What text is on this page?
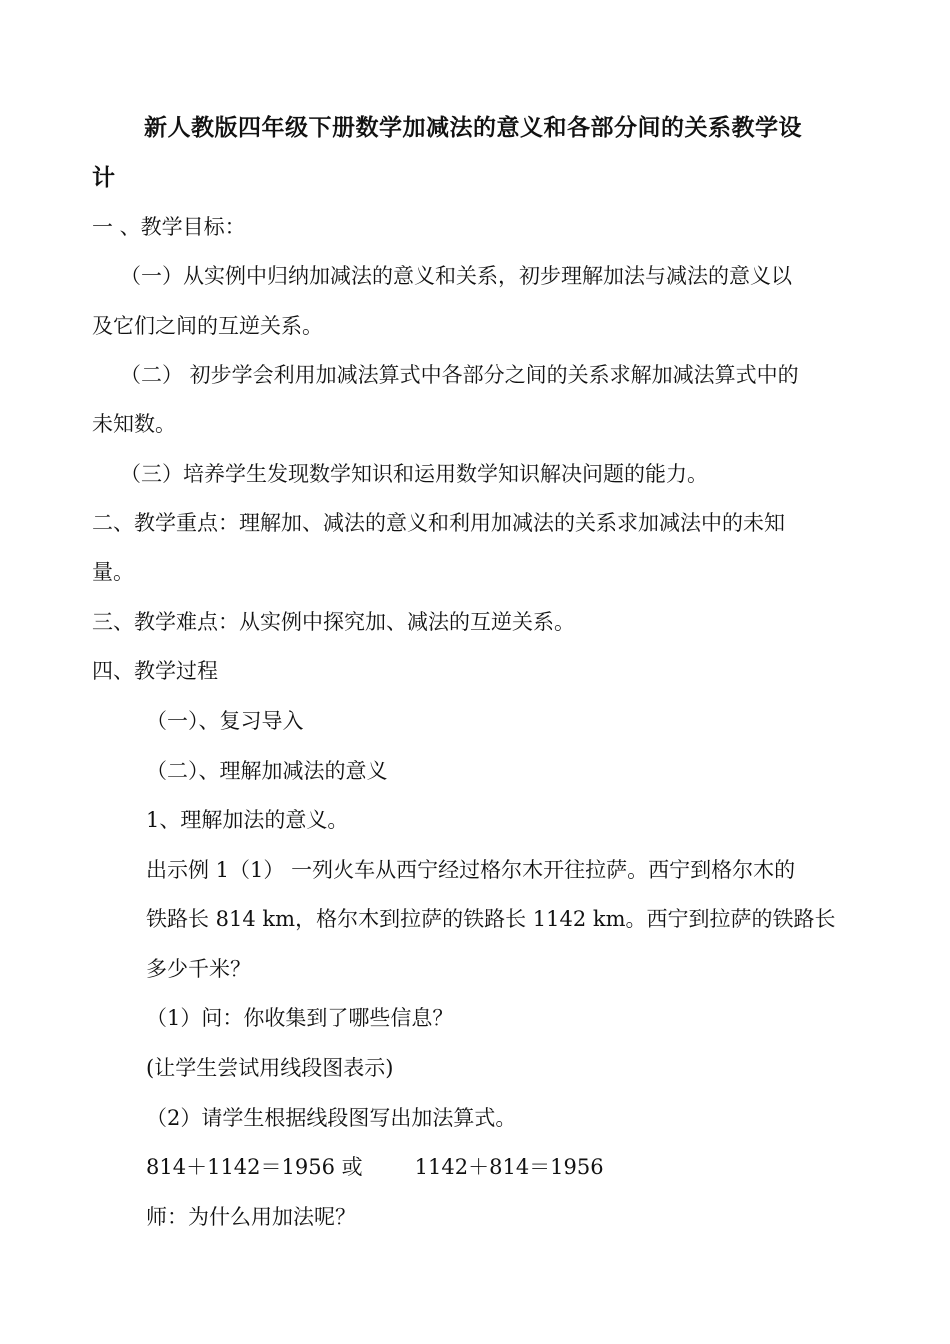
新人教版四年级下册数学加减法的意义和各部分间的关系教学设
计
一 、教学目标：
（一）从实例中归纳加减法的意义和关系，初步理解加法与减法的意义以
及它们之间的互逆关系。
（二） 初步学会利用加减法算式中各部分之间的关系求解加减法算式中的
未知数。
（三）培养学生发现数学知识和运用数学知识解决问题的能力。
二、教学重点：理解加、减法的意义和利用加减法的关系求加减法中的未知
量。
三、教学难点：从实例中探究加、减法的互逆关系。
四、教学过程
（一）、复习导入
（二）、理解加减法的意义
1、理解加法的意义。
出示例 1（1） 一列火车从西宁经过格尔木开往拉萨。西宁到格尔木的
铁路长 814 km，格尔木到拉萨的铁路长 1142 km。西宁到拉萨的铁路长
多少千米？
（1）问：你收集到了哪些信息？
(让学生尝试用线段图表示)
（2）请学生根据线段图写出加法算式。
814＋1142＝1956 或 1142＋814＝1956
师：为什么用加法呢？
